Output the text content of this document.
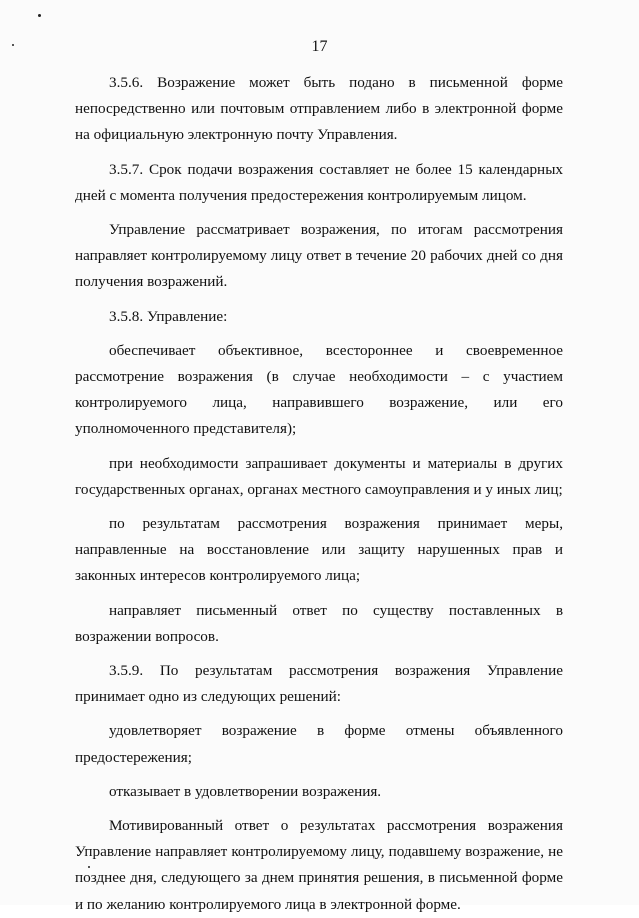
17

3.5.6. Возражение может быть подано в письменной форме непосредственно или почтовым отправлением либо в электронной форме на официальную электронную почту Управления.

3.5.7. Срок подачи возражения составляет не более 15 календарных дней с момента получения предостережения контролируемым лицом.

Управление рассматривает возражения, по итогам рассмотрения направляет контролируемому лицу ответ в течение 20 рабочих дней со дня получения возражений.

3.5.8. Управление:

обеспечивает объективное, всестороннее и своевременное рассмотрение возражения (в случае необходимости – с участием контролируемого лица, направившего возражение, или его уполномоченного представителя);

при необходимости запрашивает документы и материалы в других государственных органах, органах местного самоуправления и у иных лиц;

по результатам рассмотрения возражения принимает меры, направленные на восстановление или защиту нарушенных прав и законных интересов контролируемого лица;

направляет письменный ответ по существу поставленных в возражении вопросов.

3.5.9. По результатам рассмотрения возражения Управление принимает одно из следующих решений:

удовлетворяет возражение в форме отмены объявленного предостережения;

отказывает в удовлетворении возражения.

Мотивированный ответ о результатах рассмотрения возражения Управление направляет контролируемому лицу, подавшему возражение, не позднее дня, следующего за днем принятия решения, в письменной форме и по желанию контролируемого лица в электронной форме.
